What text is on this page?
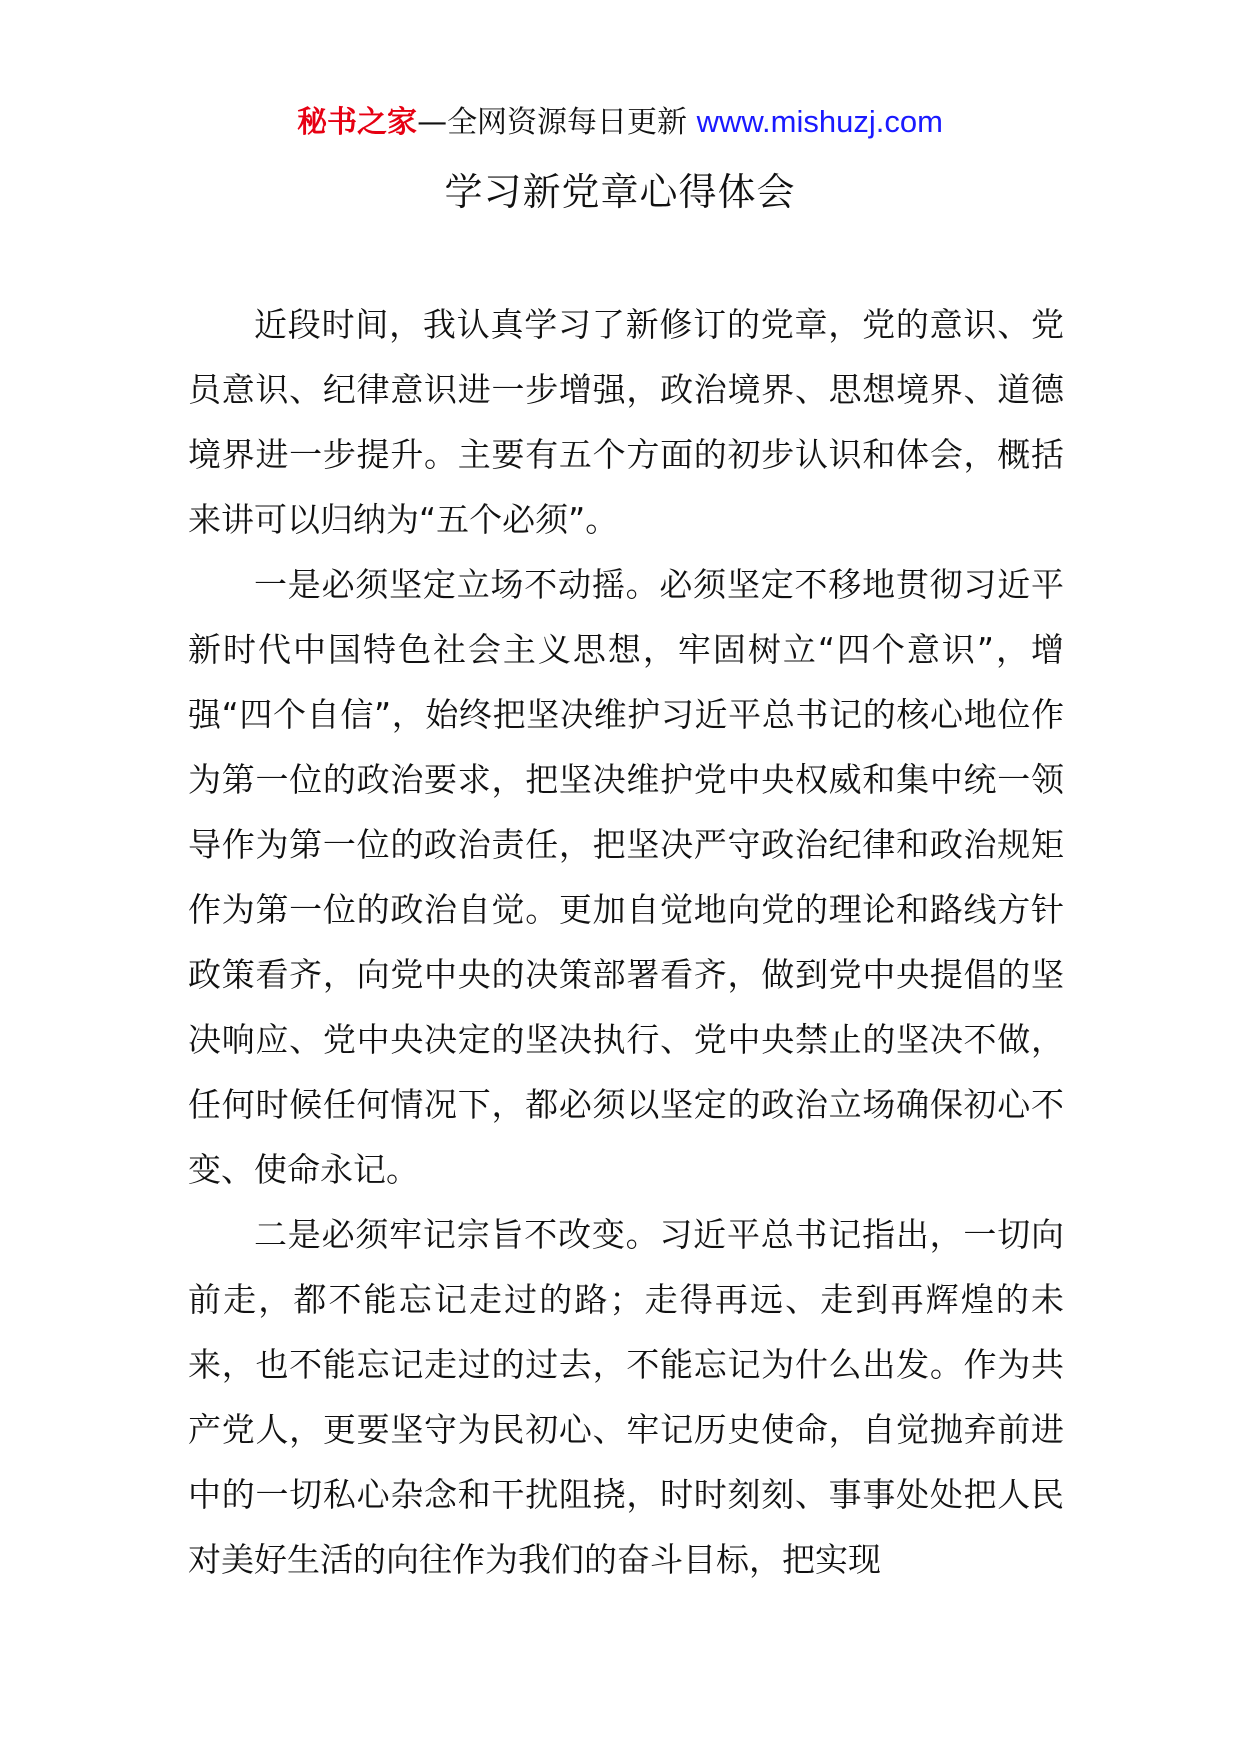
秘书之家—全网资源每日更新 www.mishuzj.com
学习新党章心得体会

近段时间，我认真学习了新修订的党章，党的意识、党员意识、纪律意识进一步增强，政治境界、思想境界、道德境界进一步提升。主要有五个方面的初步认识和体会，概括来讲可以归纳为“五个必须”。

一是必须坚定立场不动摇。必须坚定不移地贯彻习近平新时代中国特色社会主义思想，牢固树立“四个意识”，增强“四个自信”，始终把坚决维护习近平总书记的核心地位作为第一位的政治要求，把坚决维护党中央权威和集中统一领导作为第一位的政治责任，把坚决严守政治纪律和政治规矩作为第一位的政治自觉。更加自觉地向党的理论和路线方针政策看齐，向党中央的决策部署看齐，做到党中央提倡的坚决响应、党中央决定的坚决执行、党中央禁止的坚决不做，任何时候任何情况下，都必须以坚定的政治立场确保初心不变、使命永记。

二是必须牢记宗旨不改变。习近平总书记指出，一切向前走，都不能忘记走过的路；走得再远、走到再辉煌的未来，也不能忘记走过的过去，不能忘记为什么出发。作为共产党人，更要坚守为民初心、牢记历史使命，自觉抛弃前进中的一切私心杂念和干扰阻挠，时时刻刻、事事处处把人民对美好生活的向往作为我们的奋斗目标，把实现
